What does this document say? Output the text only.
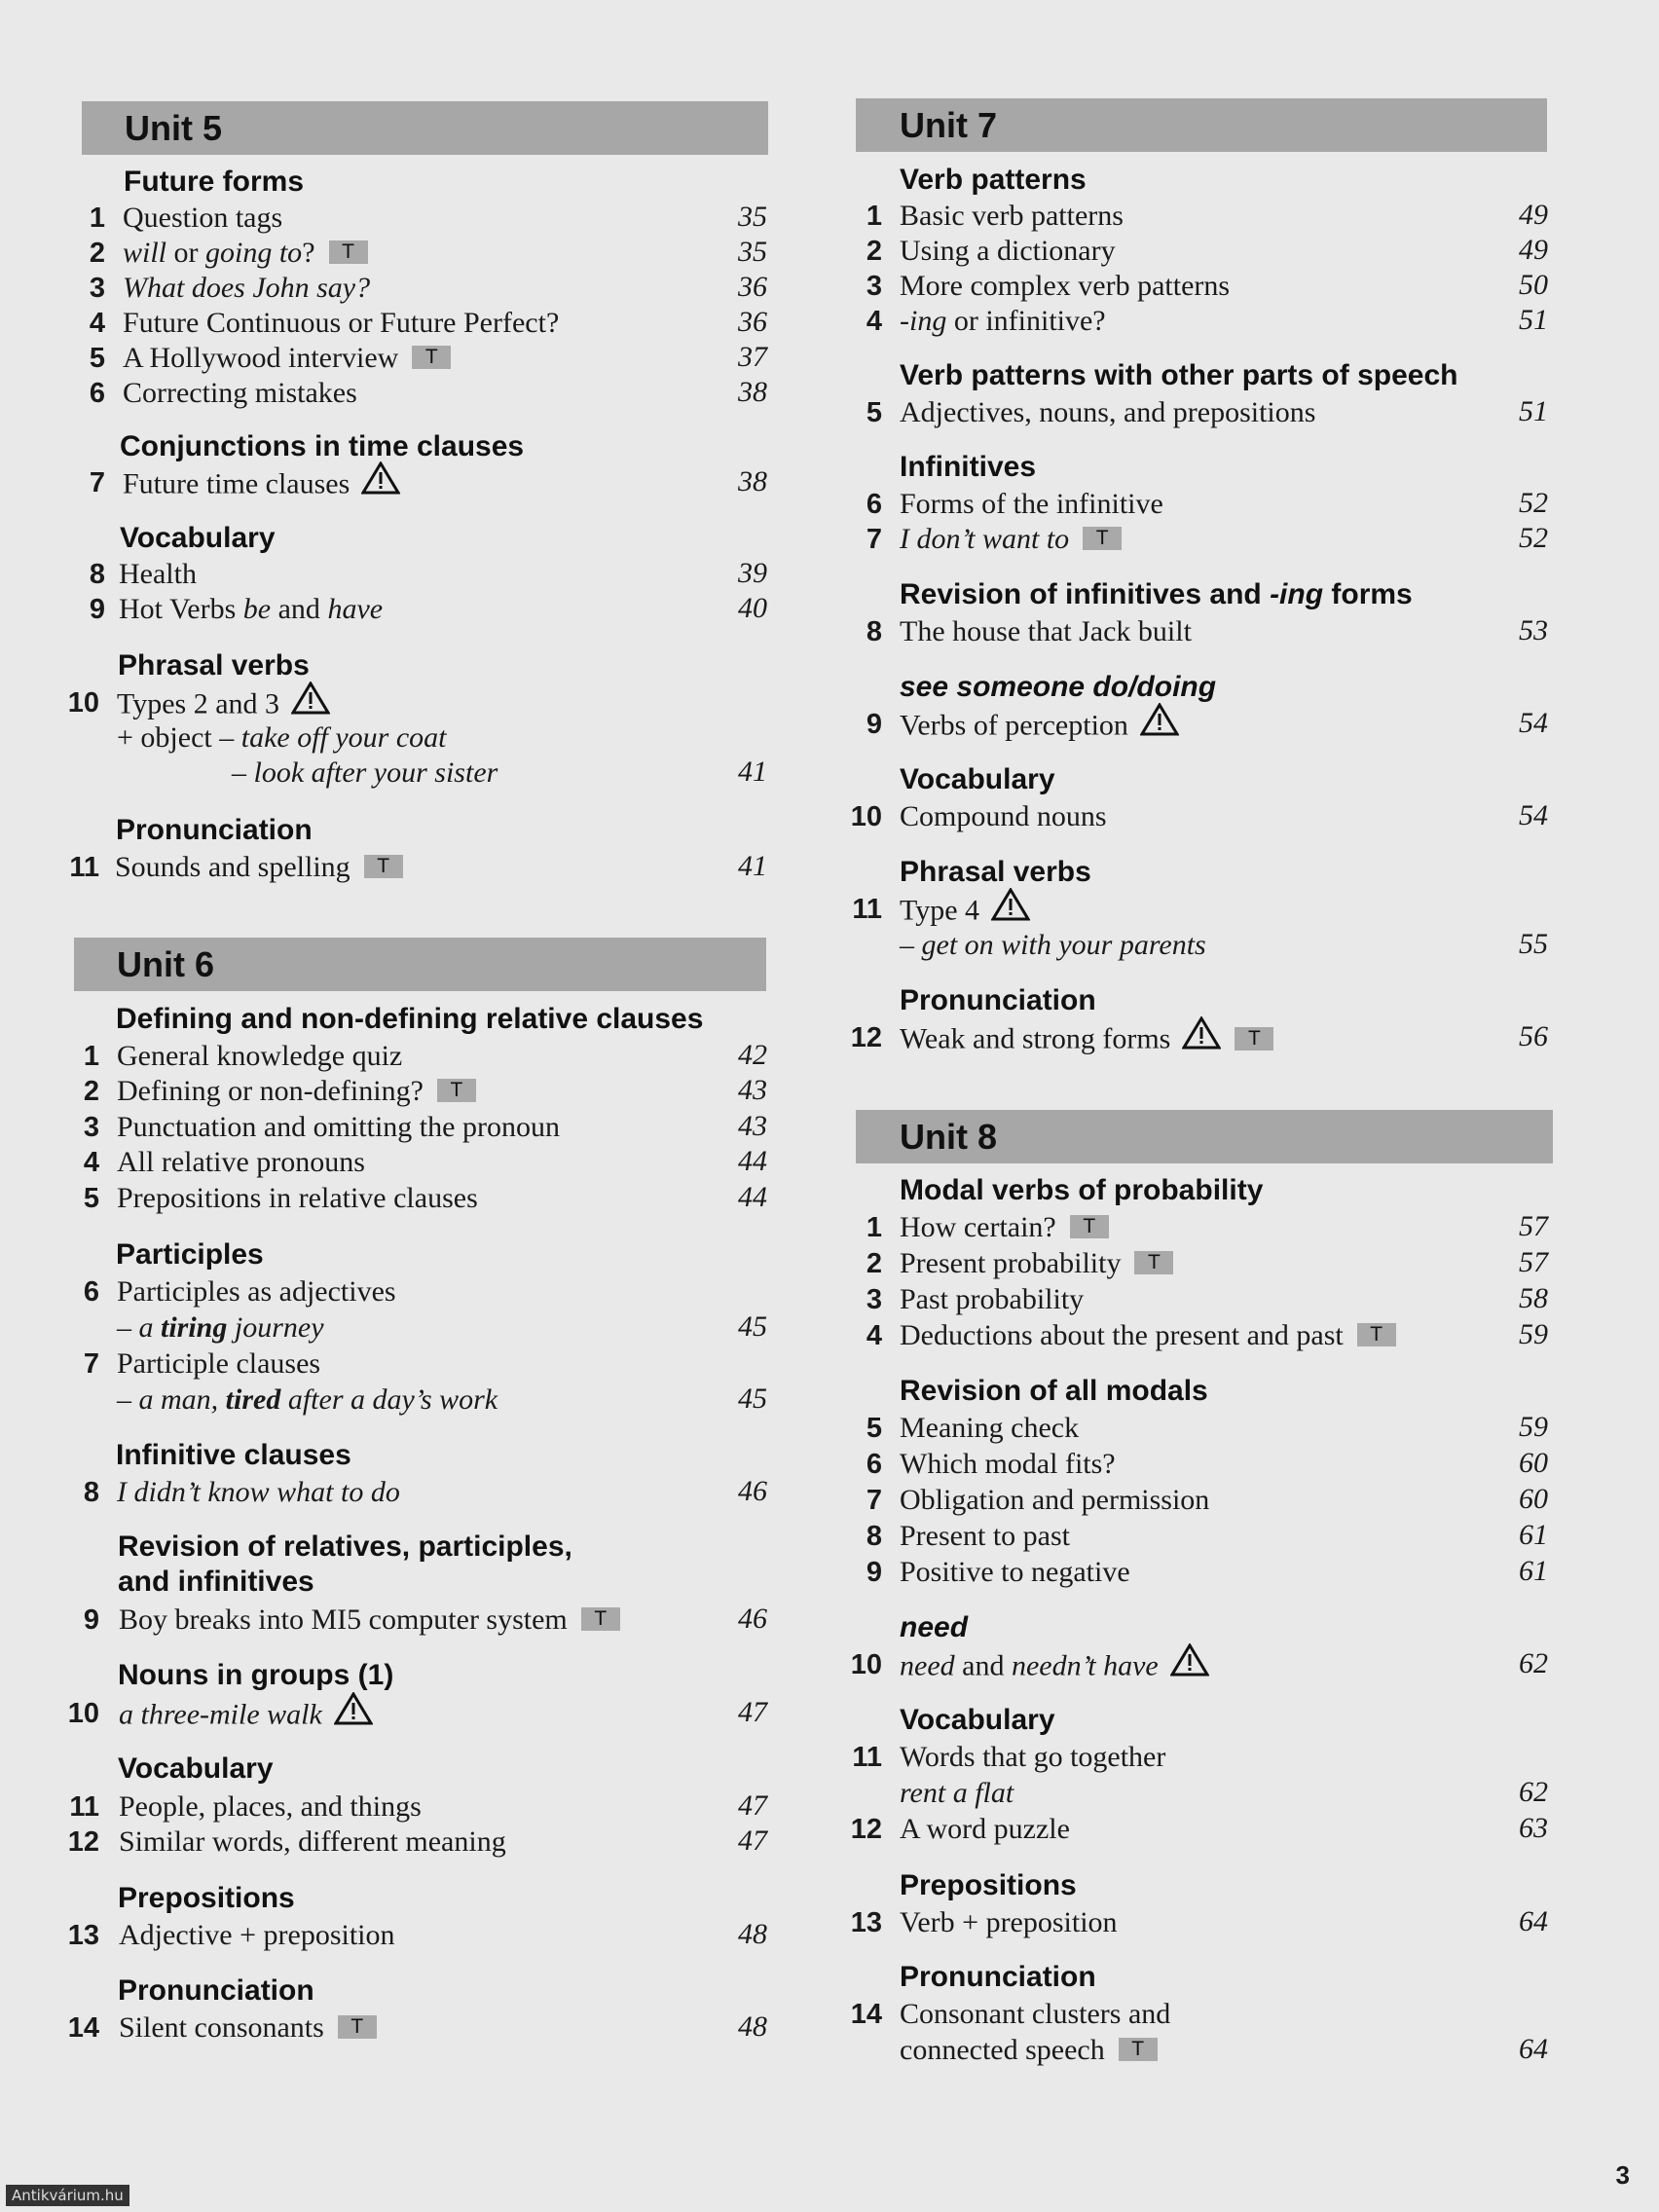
Unit 5
Future forms
1 Question tags	35
2 will or going to? T	35
3 What does John say?	36
4 Future Continuous or Future Perfect?	36
5 A Hollywood interview T	37
6 Correcting mistakes	38
Conjunctions in time clauses
7 Future time clauses	38
Vocabulary
8 Health	39
9 Hot Verbs be and have	40
Phrasal verbs
10 Types 2 and 3
+ object – take off your coat
– look after your sister	41
Pronunciation
11 Sounds and spelling T	41
Unit 6
Defining and non-defining relative clauses
1 General knowledge quiz	42
2 Defining or non-defining? T	43
3 Punctuation and omitting the pronoun	43
4 All relative pronouns	44
5 Prepositions in relative clauses	44
Participles
6 Participles as adjectives
– a tiring journey	45
7 Participle clauses
– a man, tired after a day’s work	45
Infinitive clauses
8 I didn’t know what to do	46
Revision of relatives, participles,
and infinitives
9 Boy breaks into MI5 computer system T	46
Nouns in groups (1)
10 a three-mile walk	47
Vocabulary
11 People, places, and things	47
12 Similar words, different meaning	47
Prepositions
13 Adjective + preposition	48
Pronunciation
14 Silent consonants T	48
Unit 7
Verb patterns
1 Basic verb patterns	49
2 Using a dictionary	49
3 More complex verb patterns	50
4 -ing or infinitive?	51
Verb patterns with other parts of speech
5 Adjectives, nouns, and prepositions	51
Infinitives
6 Forms of the infinitive	52
7 I don’t want to T	52
Revision of infinitives and -ing forms
8 The house that Jack built	53
see someone do/doing
9 Verbs of perception	54
Vocabulary
10 Compound nouns	54
Phrasal verbs
11 Type 4
– get on with your parents	55
Pronunciation
12 Weak and strong forms	T	56
Unit 8
Modal verbs of probability
1 How certain? T	57
2 Present probability T	57
3 Past probability	58
4 Deductions about the present and past T	59
Revision of all modals
5 Meaning check	59
6 Which modal fits?	60
7 Obligation and permission	60
8 Present to past	61
9 Positive to negative	61
need
10 need and needn’t have	62
Vocabulary
11 Words that go together
rent a flat	62
12 A word puzzle	63
Prepositions
13 Verb + preposition	64
Pronunciation
14 Consonant clusters and
connected speech T	64
3
Antikvárium.hu
